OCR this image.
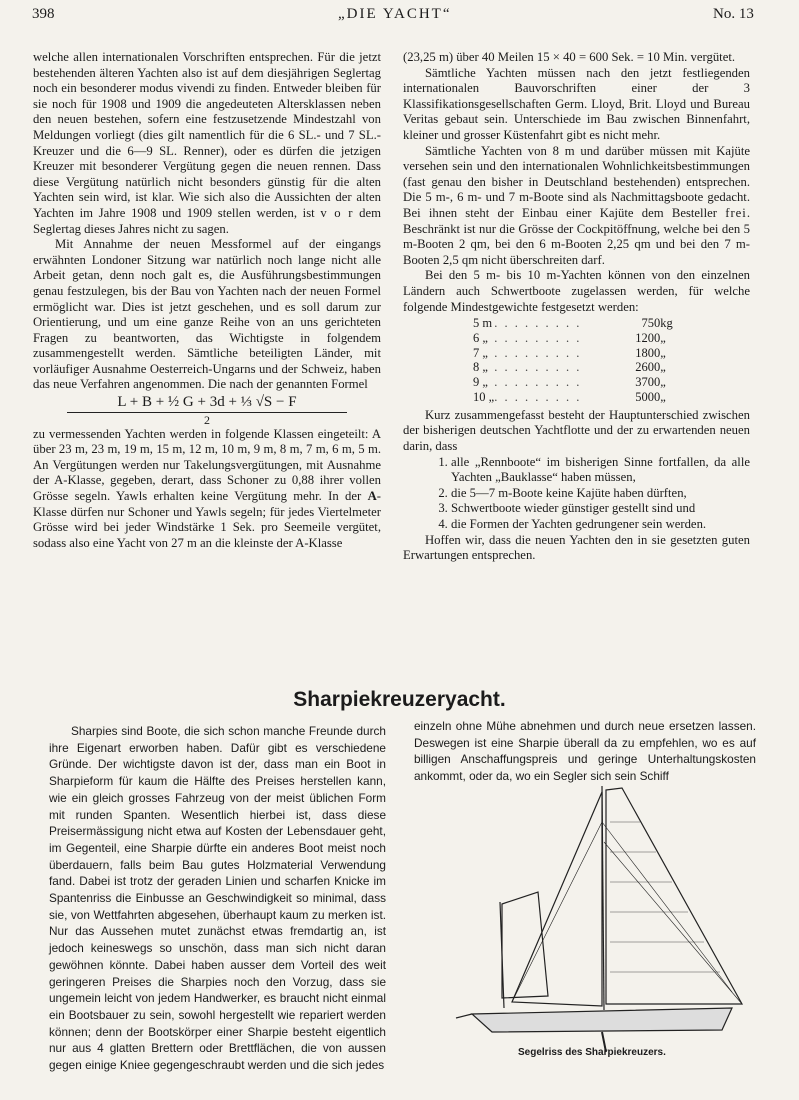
398	„DIE YACHT“	No. 13

welche allen internationalen Vorschriften entsprechen. Für die jetzt bestehenden älteren Yachten also ist auf dem diesjährigen Seglertag noch ein besonderer modus vivendi zu finden. Entweder bleiben für sie noch für 1908 und 1909 die angedeuteten Altersklassen neben den neuen bestehen, sofern eine festzusetzende Mindestzahl von Meldungen vorliegt (dies gilt namentlich für die 6 SL.- und 7 SL.-Kreuzer und die 6—9 SL. Renner), oder es dürfen die jetzigen Kreuzer mit besonderer Vergütung gegen die neuen rennen. Dass diese Vergütung natürlich nicht besonders günstig für die alten Yachten sein wird, ist klar. Wie sich also die Aussichten der alten Yachten im Jahre 1908 und 1909 stellen werden, ist v o r dem Seglertag dieses Jahres nicht zu sagen.

Mit Annahme der neuen Messformel auf der eingangs erwähnten Londoner Sitzung war natürlich noch lange nicht alle Arbeit getan, denn noch galt es, die Ausführungsbestimmungen genau festzulegen, bis der Bau von Yachten nach der neuen Formel ermöglicht war. Dies ist jetzt geschehen, und es soll darum zur Orientierung, und um eine ganze Reihe von an uns gerichteten Fragen zu beantworten, das Wichtigste in folgendem zusammengestellt werden. Sämtliche beteiligten Länder, mit vorläufiger Ausnahme Oesterreich-Ungarns und der Schweiz, haben das neue Verfahren angenommen. Die nach der genannten Formel

L + B + ½ G + 3d + ⅓ √S − F
2

zu vermessenden Yachten werden in folgende Klassen eingeteilt: A über 23 m, 23 m, 19 m, 15 m, 12 m, 10 m, 9 m, 8 m, 7 m, 6 m, 5 m. An Vergütungen werden nur Takelungsvergütungen, mit Ausnahme der A-Klasse, gegeben, derart, dass Schoner zu 0,88 ihrer vollen Grösse segeln. Yawls erhalten keine Vergütung mehr. In der A-Klasse dürfen nur Schoner und Yawls segeln; für jedes Viertelmeter Grösse wird bei jeder Windstärke 1 Sek. pro Seemeile vergütet, sodass also eine Yacht von 27 m an die kleinste der A-Klasse

(23,25 m) über 40 Meilen 15 × 40 = 600 Sek. = 10 Min. vergütet.

Sämtliche Yachten müssen nach den jetzt festliegenden internationalen Bauvorschriften einer der 3 Klassifikationsgesellschaften Germ. Lloyd, Brit. Lloyd und Bureau Veritas gebaut sein. Unterschiede im Bau zwischen Binnenfahrt, kleiner und grosser Küstenfahrt gibt es nicht mehr.

Sämtliche Yachten von 8 m und darüber müssen mit Kajüte versehen sein und den internationalen Wohnlichkeitsbestimmungen (fast genau den bisher in Deutschland bestehenden) entsprechen. Die 5 m-, 6 m- und 7 m-Boote sind als Nachmittagsboote gedacht. Bei ihnen steht der Einbau einer Kajüte dem Besteller frei. Beschränkt ist nur die Grösse der Cockpitöffnung, welche bei den 5 m-Booten 2 qm, bei den 6 m-Booten 2,25 qm und bei den 7 m-Booten 2,5 qm nicht überschreiten darf.

Bei den 5 m- bis 10 m-Yachten können von den einzelnen Ländern auch Schwertboote zugelassen werden, für welche folgende Mindestgewichte festgesetzt werden:

5 m	. . . . . . . . .	750	kg
6 „	. . . . . . . . .	1200	„
7 „	. . . . . . . . .	1800	„
8 „	. . . . . . . . .	2600	„
9 „	. . . . . . . . .	3700	„
10 „	. . . . . . . . .	5000	„

Kurz zusammengefasst besteht der Hauptunterschied zwischen der bisherigen deutschen Yachtflotte und der zu erwartenden neuen darin, dass

1. alle „Rennboote“ im bisherigen Sinne fortfallen, da alle Yachten „Bauklasse“ haben müssen,
2. die 5—7 m-Boote keine Kajüte haben dürften,
3. Schwertboote wieder günstiger gestellt sind und
4. die Formen der Yachten gedrungener sein werden.

Hoffen wir, dass die neuen Yachten den in sie gesetzten guten Erwartungen entsprechen.

Sharpiekreuzeryacht.

Sharpies sind Boote, die sich schon manche Freunde durch ihre Eigenart erworben haben. Dafür gibt es verschiedene Gründe. Der wichtigste davon ist der, dass man ein Boot in Sharpieform für kaum die Hälfte des Preises herstellen kann, wie ein gleich grosses Fahrzeug von der meist üblichen Form mit runden Spanten. Wesentlich hierbei ist, dass diese Preisermässigung nicht etwa auf Kosten der Lebensdauer geht, im Gegenteil, eine Sharpie dürfte ein anderes Boot meist noch überdauern, falls beim Bau gutes Holzmaterial Verwendung fand. Dabei ist trotz der geraden Linien und scharfen Knicke im Spantenriss die Einbusse an Geschwindigkeit so minimal, dass sie, von Wettfahrten abgesehen, überhaupt kaum zu merken ist. Nur das Aussehen mutet zunächst etwas fremdartig an, ist jedoch keineswegs so unschön, dass man sich nicht daran gewöhnen könnte. Dabei haben ausser dem Vorteil des weit geringeren Preises die Sharpies noch den Vorzug, dass sie ungemein leicht von jedem Handwerker, es braucht nicht einmal ein Bootsbauer zu sein, sowohl hergestellt wie repariert werden können; denn der Bootskörper einer Sharpie besteht eigentlich nur aus 4 glatten Brettern oder Brettflächen, die von aussen gegen einige Kniee gegengeschraubt werden und die sich jedes

einzeln ohne Mühe abnehmen und durch neue ersetzen lassen. Deswegen ist eine Sharpie überall da zu empfehlen, wo es auf billigen Anschaffungspreis und geringe Unterhaltungskosten ankommt, oder da, wo ein Segler sich sein Schiff

Segelriss des Sharpiekreuzers.
